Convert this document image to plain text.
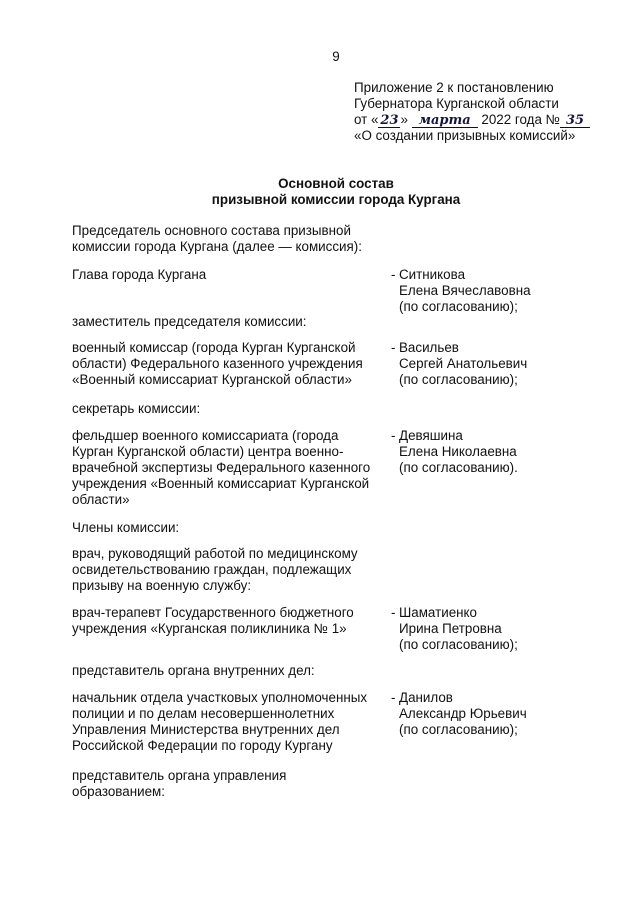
9
Приложение 2 к постановлению
Губернатора Курганской области
от « 23 » марта 2022 года № 35
«О создании призывных комиссий»
Основной состав
призывной комиссии города Кургана
Председатель основного состава призывной
комиссии города Кургана (далее — комиссия):
Глава города Кургана	- Ситникова
Елена Вячеславовна
(по согласованию);
заместитель председателя комиссии:
военный комиссар (города Курган Курганской
области) Федерального казенного учреждения
«Военный комиссариат Курганской области»
- Васильев
Сергей Анатольевич
(по согласованию);
секретарь комиссии:
фельдшер военного комиссариата (города
Курган Курганской области) центра военно-
врачебной экспертизы Федерального казенного
учреждения «Военный комиссариат Курганской
области»
- Девяшина
Елена Николаевна
(по согласованию).
Члены комиссии:
врач, руководящий работой по медицинскому
освидетельствованию граждан, подлежащих
призыву на военную службу:
врач-терапевт Государственного бюджетного
учреждения «Курганская поликлиника № 1»
- Шаматиенко
Ирина Петровна
(по согласованию);
представитель органа внутренних дел:
начальник отдела участковых уполномоченных
полиции и по делам несовершеннолетних
Управления Министерства внутренних дел
Российской Федерации по городу Кургану
- Данилов
Александр Юрьевич
(по согласованию);
представитель органа управления
образованием:
